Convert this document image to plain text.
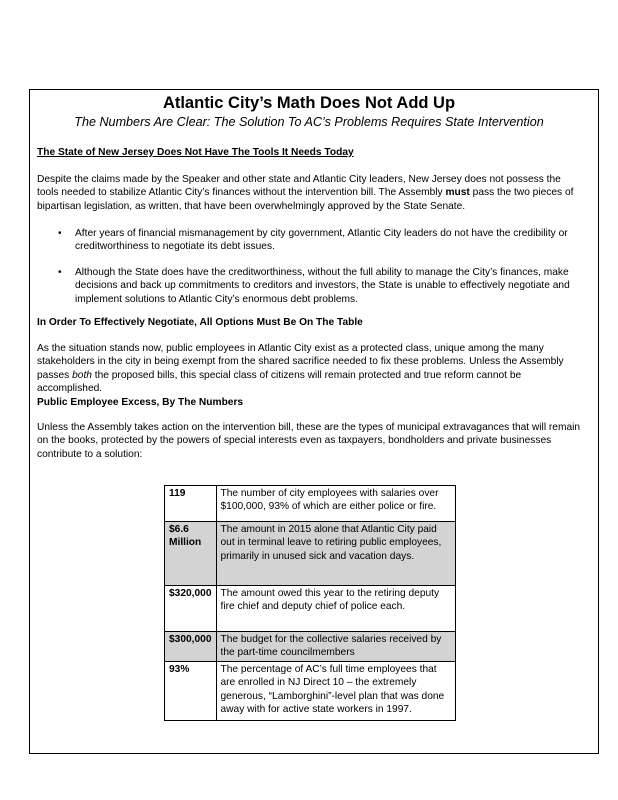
Atlantic City’s Math Does Not Add Up
The Numbers Are Clear: The Solution To AC’s Problems Requires State Intervention
The State of New Jersey Does Not Have The Tools It Needs Today
Despite the claims made by the Speaker and other state and Atlantic City leaders, New Jersey does not possess the tools needed to stabilize Atlantic City’s finances without the intervention bill. The Assembly must pass the two pieces of bipartisan legislation, as written, that have been overwhelmingly approved by the State Senate.
• After years of financial mismanagement by city government, Atlantic City leaders do not have the credibility or creditworthiness to negotiate its debt issues.
• Although the State does have the creditworthiness, without the full ability to manage the City’s finances, make decisions and back up commitments to creditors and investors, the State is unable to effectively negotiate and implement solutions to Atlantic City’s enormous debt problems.
In Order To Effectively Negotiate, All Options Must Be On The Table
As the situation stands now, public employees in Atlantic City exist as a protected class, unique among the many stakeholders in the city in being exempt from the shared sacrifice needed to fix these problems. Unless the Assembly passes both the proposed bills, this special class of citizens will remain protected and true reform cannot be accomplished.
Public Employee Excess, By The Numbers
Unless the Assembly takes action on the intervention bill, these are the types of municipal extravagances that will remain on the books, protected by the powers of special interests even as taxpayers, bondholders and private businesses contribute to a solution:
119	The number of city employees with salaries over $100,000, 93% of which are either police or fire.
$6.6 Million	The amount in 2015 alone that Atlantic City paid out in terminal leave to retiring public employees, primarily in unused sick and vacation days.
$320,000	The amount owed this year to the retiring deputy fire chief and deputy chief of police each.
$300,000	The budget for the collective salaries received by the part-time councilmembers
93%	The percentage of AC’s full time employees that are enrolled in NJ Direct 10 – the extremely generous, “Lamborghini”-level plan that was done away with for active state workers in 1997.
